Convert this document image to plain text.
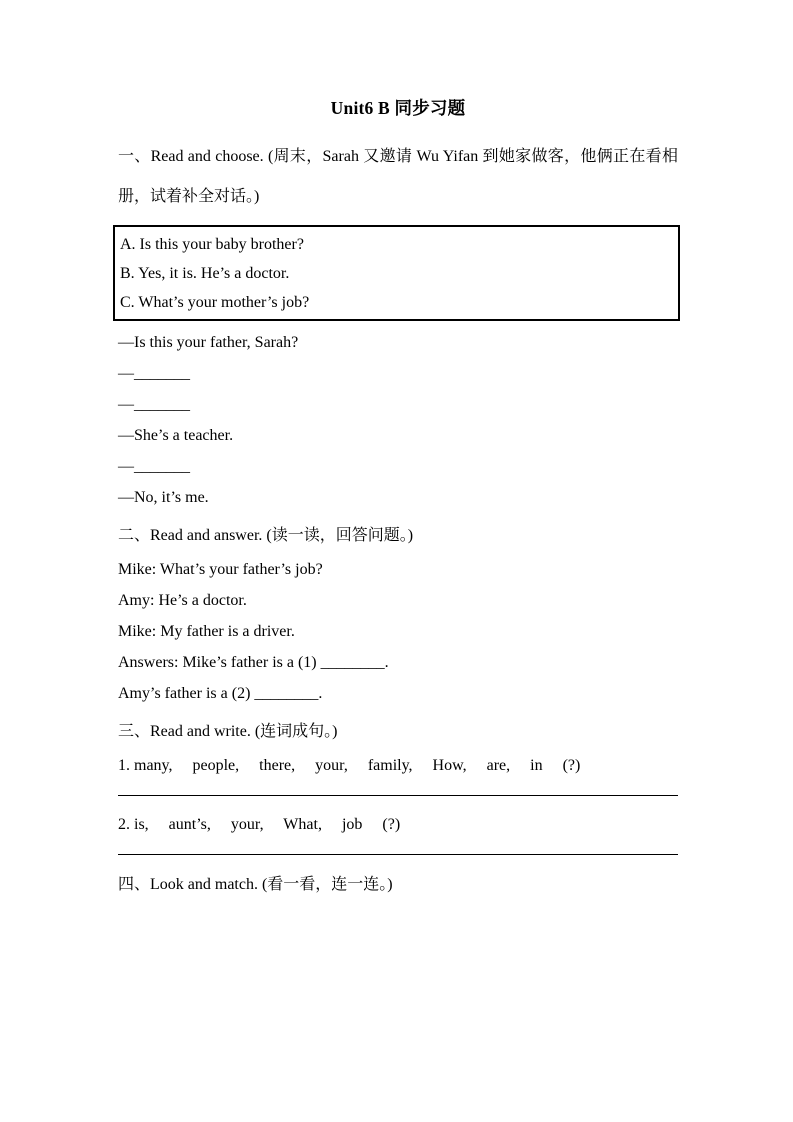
Unit6 B 同步习题

一、Read and choose. (周末，Sarah 又邀请 Wu Yifan 到她家做客，他俩正在看相册，试着补全对话。)

A. Is this your baby brother?

B. Yes, it is. He’s a doctor.

C. What’s your mother’s job?

—Is this your father, Sarah?

—_______

—_______

—She’s a teacher.

—_______

—No, it’s me.

二、Read and answer. (读一读，回答问题。)

Mike: What’s your father’s job?

Amy: He’s a doctor.

Mike: My father is a driver.

Answers: Mike’s father is a (1) ________.

Amy’s father is a (2) ________.

三、Read and write. (连词成句。)

1. many,     people,     there,     your,     family,     How,     are,     in     (?)

2. is,     aunt’s,     your,     What,     job     (?)

四、Look and match. (看一看，连一连。)
